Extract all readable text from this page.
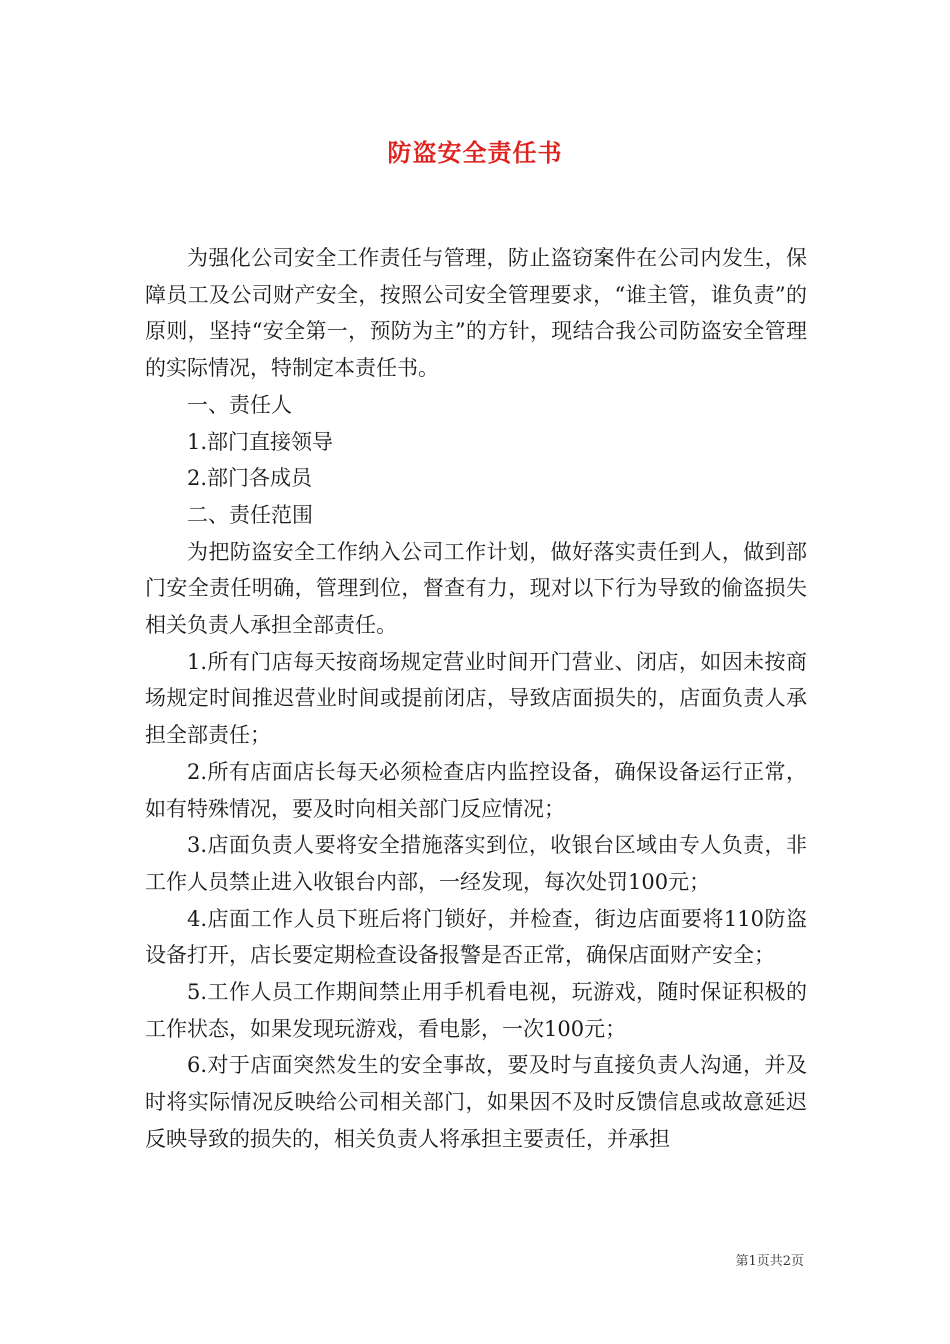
防盗安全责任书

为强化公司安全工作责任与管理，防止盗窃案件在公司内发生，保障员工及公司财产安全，按照公司安全管理要求，“谁主管，谁负责”的原则，坚持“安全第一，预防为主”的方针，现结合我公司防盗安全管理的实际情况，特制定本责任书。

一、责任人

1.部门直接领导

2.部门各成员

二、责任范围

为把防盗安全工作纳入公司工作计划，做好落实责任到人，做到部门安全责任明确，管理到位，督查有力，现对以下行为导致的偷盗损失相关负责人承担全部责任。

1.所有门店每天按商场规定营业时间开门营业、闭店，如因未按商场规定时间推迟营业时间或提前闭店，导致店面损失的，店面负责人承担全部责任；

2.所有店面店长每天必须检查店内监控设备，确保设备运行正常，如有特殊情况，要及时向相关部门反应情况；

3.店面负责人要将安全措施落实到位，收银台区域由专人负责，非工作人员禁止进入收银台内部，一经发现，每次处罚100元；

4.店面工作人员下班后将门锁好，并检查，街边店面要将110防盗设备打开，店长要定期检查设备报警是否正常，确保店面财产安全；

5.工作人员工作期间禁止用手机看电视，玩游戏，随时保证积极的工作状态，如果发现玩游戏，看电影，一次100元；

6.对于店面突然发生的安全事故，要及时与直接负责人沟通，并及时将实际情况反映给公司相关部门，如果因不及时反馈信息或故意延迟反映导致的损失的，相关负责人将承担主要责任，并承担

第1页共2页
